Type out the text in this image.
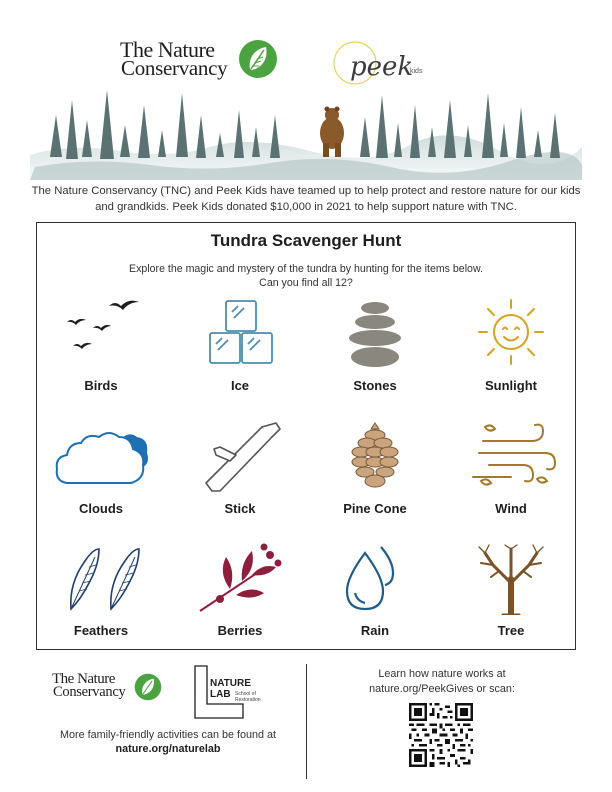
The Nature
Conservancy	peek
kids
The Nature Conservancy (TNC) and Peek Kids have teamed up to help protect and restore nature for our kids and grandkids. Peek Kids donated $10,000 in 2021 to help support nature with TNC.
Tundra Scavenger Hunt
Explore the magic and mystery of the tundra by hunting for the items below.
Can you find all 12?
Birds	Ice	Stones	Sunlight
Clouds	Stick	Pine Cone	Wind
Feathers	Berries	Rain	Tree
The Nature
Conservancy
NATURE
LAB School of
Restoration
More family-friendly activities can be found at
nature.org/naturelab
Learn how nature works at
nature.org/PeekGives or scan:
